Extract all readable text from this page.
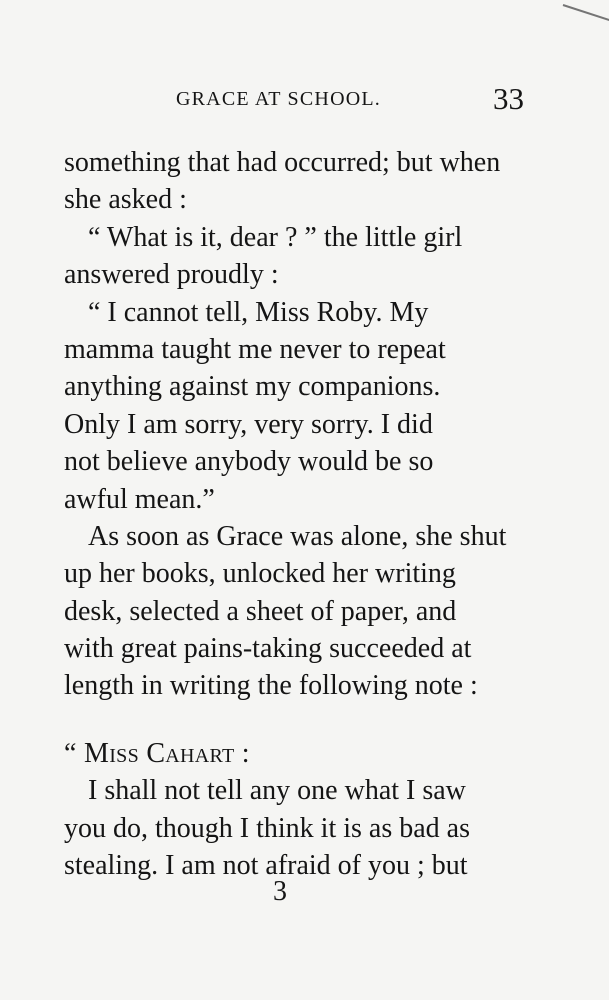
GRACE AT SCHOOL.	33
something that had occurred; but when
she asked :
“ What is it, dear ? ” the little girl
answered proudly :
“ I cannot tell, Miss Roby. My
mamma taught me never to repeat
anything against my companions.
Only I am sorry, very sorry. I did
not believe anybody would be so
awful mean.”
As soon as Grace was alone, she shut
up her books, unlocked her writing
desk, selected a sheet of paper, and
with great pains-taking succeeded at
length in writing the following note :
“ Miss Cahart :
I shall not tell any one what I saw
you do, though I think it is as bad as
stealing. I am not afraid of you ; but
3
